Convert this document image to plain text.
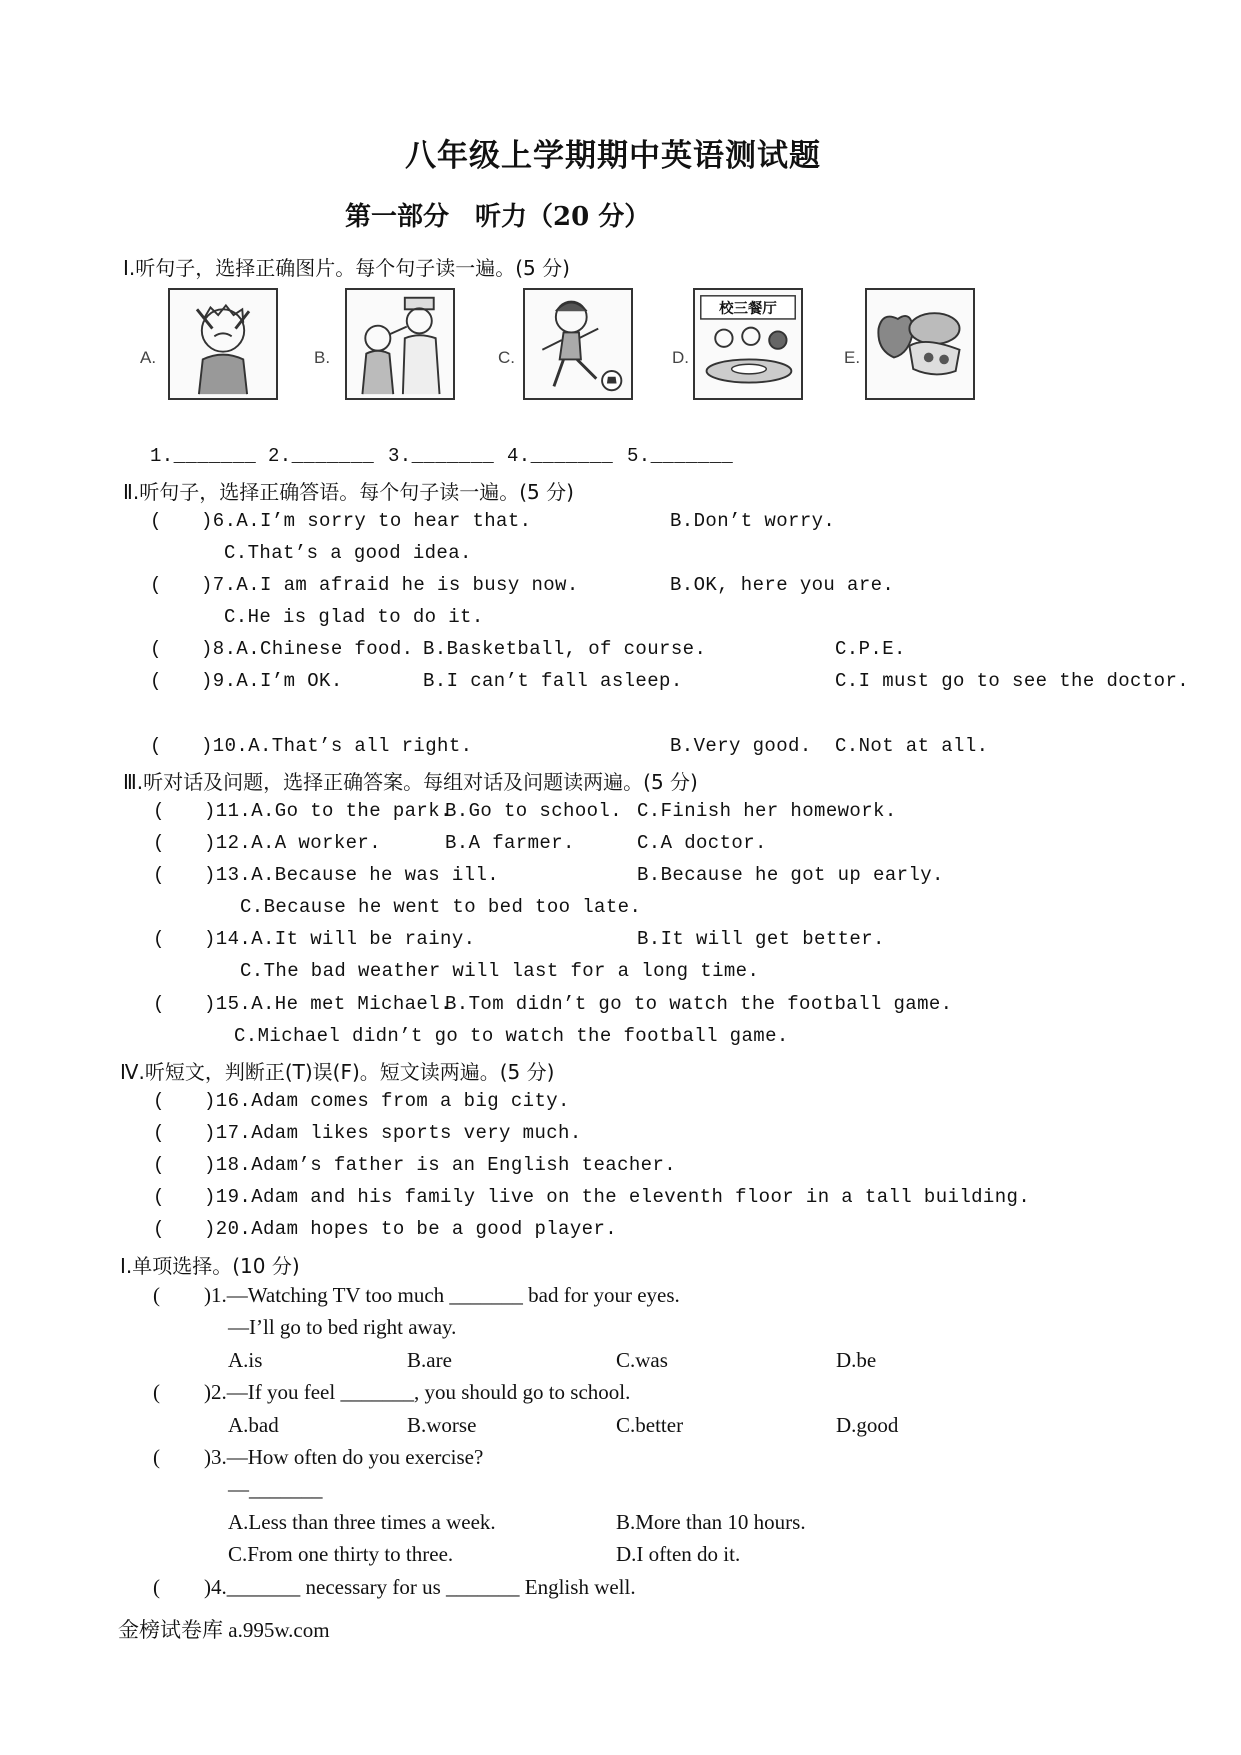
八年级上学期期中英语测试题
第一部分　听力（20 分）
Ⅰ.听句子，选择正确图片。每个句子读一遍。(5 分)
A.	B.	C.	D.
校三餐厅
E.
1._______ 2._______ 3._______ 4._______ 5._______
Ⅱ.听句子，选择正确答语。每个句子读一遍。(5 分)
( )6.A.I’m sorry to hear that.	B.Don’t worry.
C.That’s a good idea.
( )7.A.I am afraid he is busy now.	B.OK, here you are.
C.He is glad to do it.
( )8.A.Chinese food. B.Basketball, of course.	C.P.E.
( )9.A.I’m OK.	B.I can’t fall asleep.	C.I must go to see the doctor.
( )10.A.That’s all right.	B.Very good. C.Not at all.
Ⅲ.听对话及问题，选择正确答案。每组对话及问题读两遍。(5 分)
( )11.A.Go to the park.
B.Go to school. C.Finish her homework.
( )12.A.A worker.	B.A farmer.	C.A doctor.
( )13.A.Because he was ill.	B.Because he got up early.
C.Because he went to bed too late.
( )14.A.It will be rainy.	B.It will get better.
C.The bad weather will last for a long time.
( )15.A.He met Michael.
B.Tom didn’t go to watch the football game.
C.Michael didn’t go to watch the football game.
Ⅳ.听短文，判断正(T)误(F)。短文读两遍。(5 分)
( )16.Adam comes from a big city.
( )17.Adam likes sports very much.
( )18.Adam’s father is an English teacher.
( )19.Adam and his family live on the eleventh floor in a tall building.
( )20.Adam hopes to be a good player.
Ⅰ.单项选择。(10 分)
( )1.—Watching TV too much _______ bad for your eyes.
—I’ll go to bed right away.
A.is	B.are	C.was	D.be
( )2.—If you feel _______, you should go to school.
A.bad	B.worse	C.better	D.good
( )3.—How often do you exercise?
—_______
A.Less than three times a week.	B.More than 10 hours.
C.From one thirty to three.	D.I often do it.
( )4._______ necessary for us _______ English well.
金榜试卷库 a.995w.com
